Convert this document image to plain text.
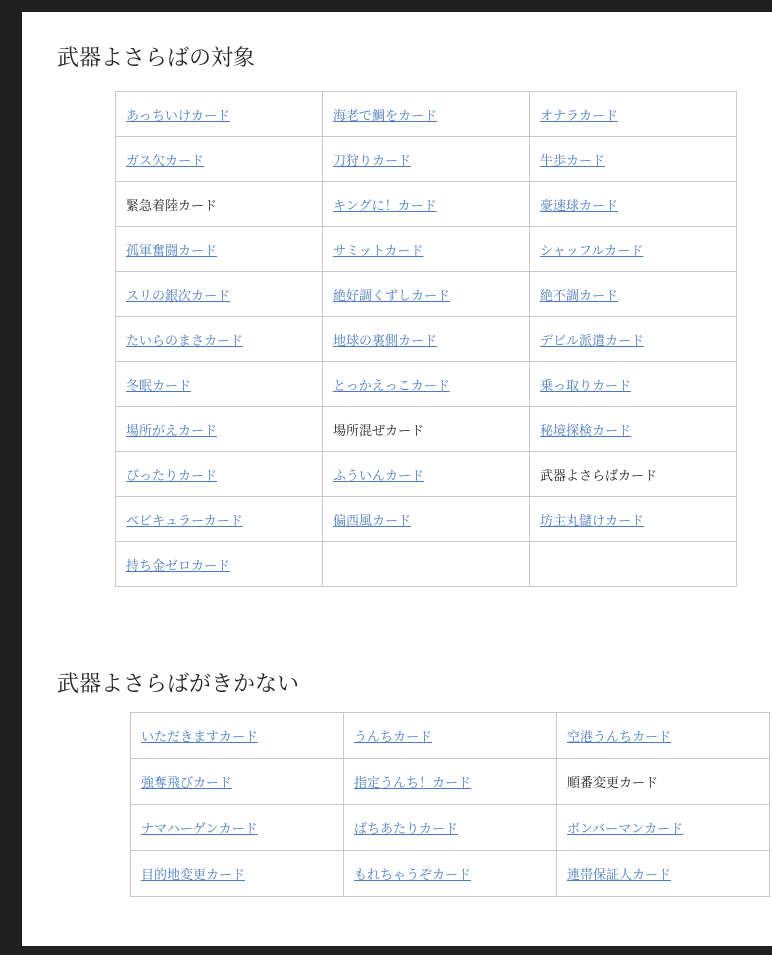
武器よさらばの対象
あっちいけカード	海老で鯛をカード	オナラカード
ガス欠カード	刀狩りカード	牛歩カード
緊急着陸カード	キングに！カード	豪速球カード
孤軍奮闘カード	サミットカード	シャッフルカード
スリの銀次カード	絶好調くずしカード	絶不調カード
たいらのまさカード	地球の裏側カード	デビル派遣カード
冬眠カード	とっかえっこカード	乗っ取りカード
場所がえカード	場所混ぜカード	秘境探検カード
ぴったりカード	ふういんカード	武器よさらばカード
ベビキュラーカード	偏西風カード	坊主丸儲けカード
持ち金ゼロカード		
武器よさらばがきかない
いただきますカード	うんちカード	空港うんちカード
強奪飛びカード	指定うんち！カード	順番変更カード
ナマハーゲンカード	ばちあたりカード	ボンバーマンカード
目的地変更カード	もれちゃうぞカード	連帯保証人カード
